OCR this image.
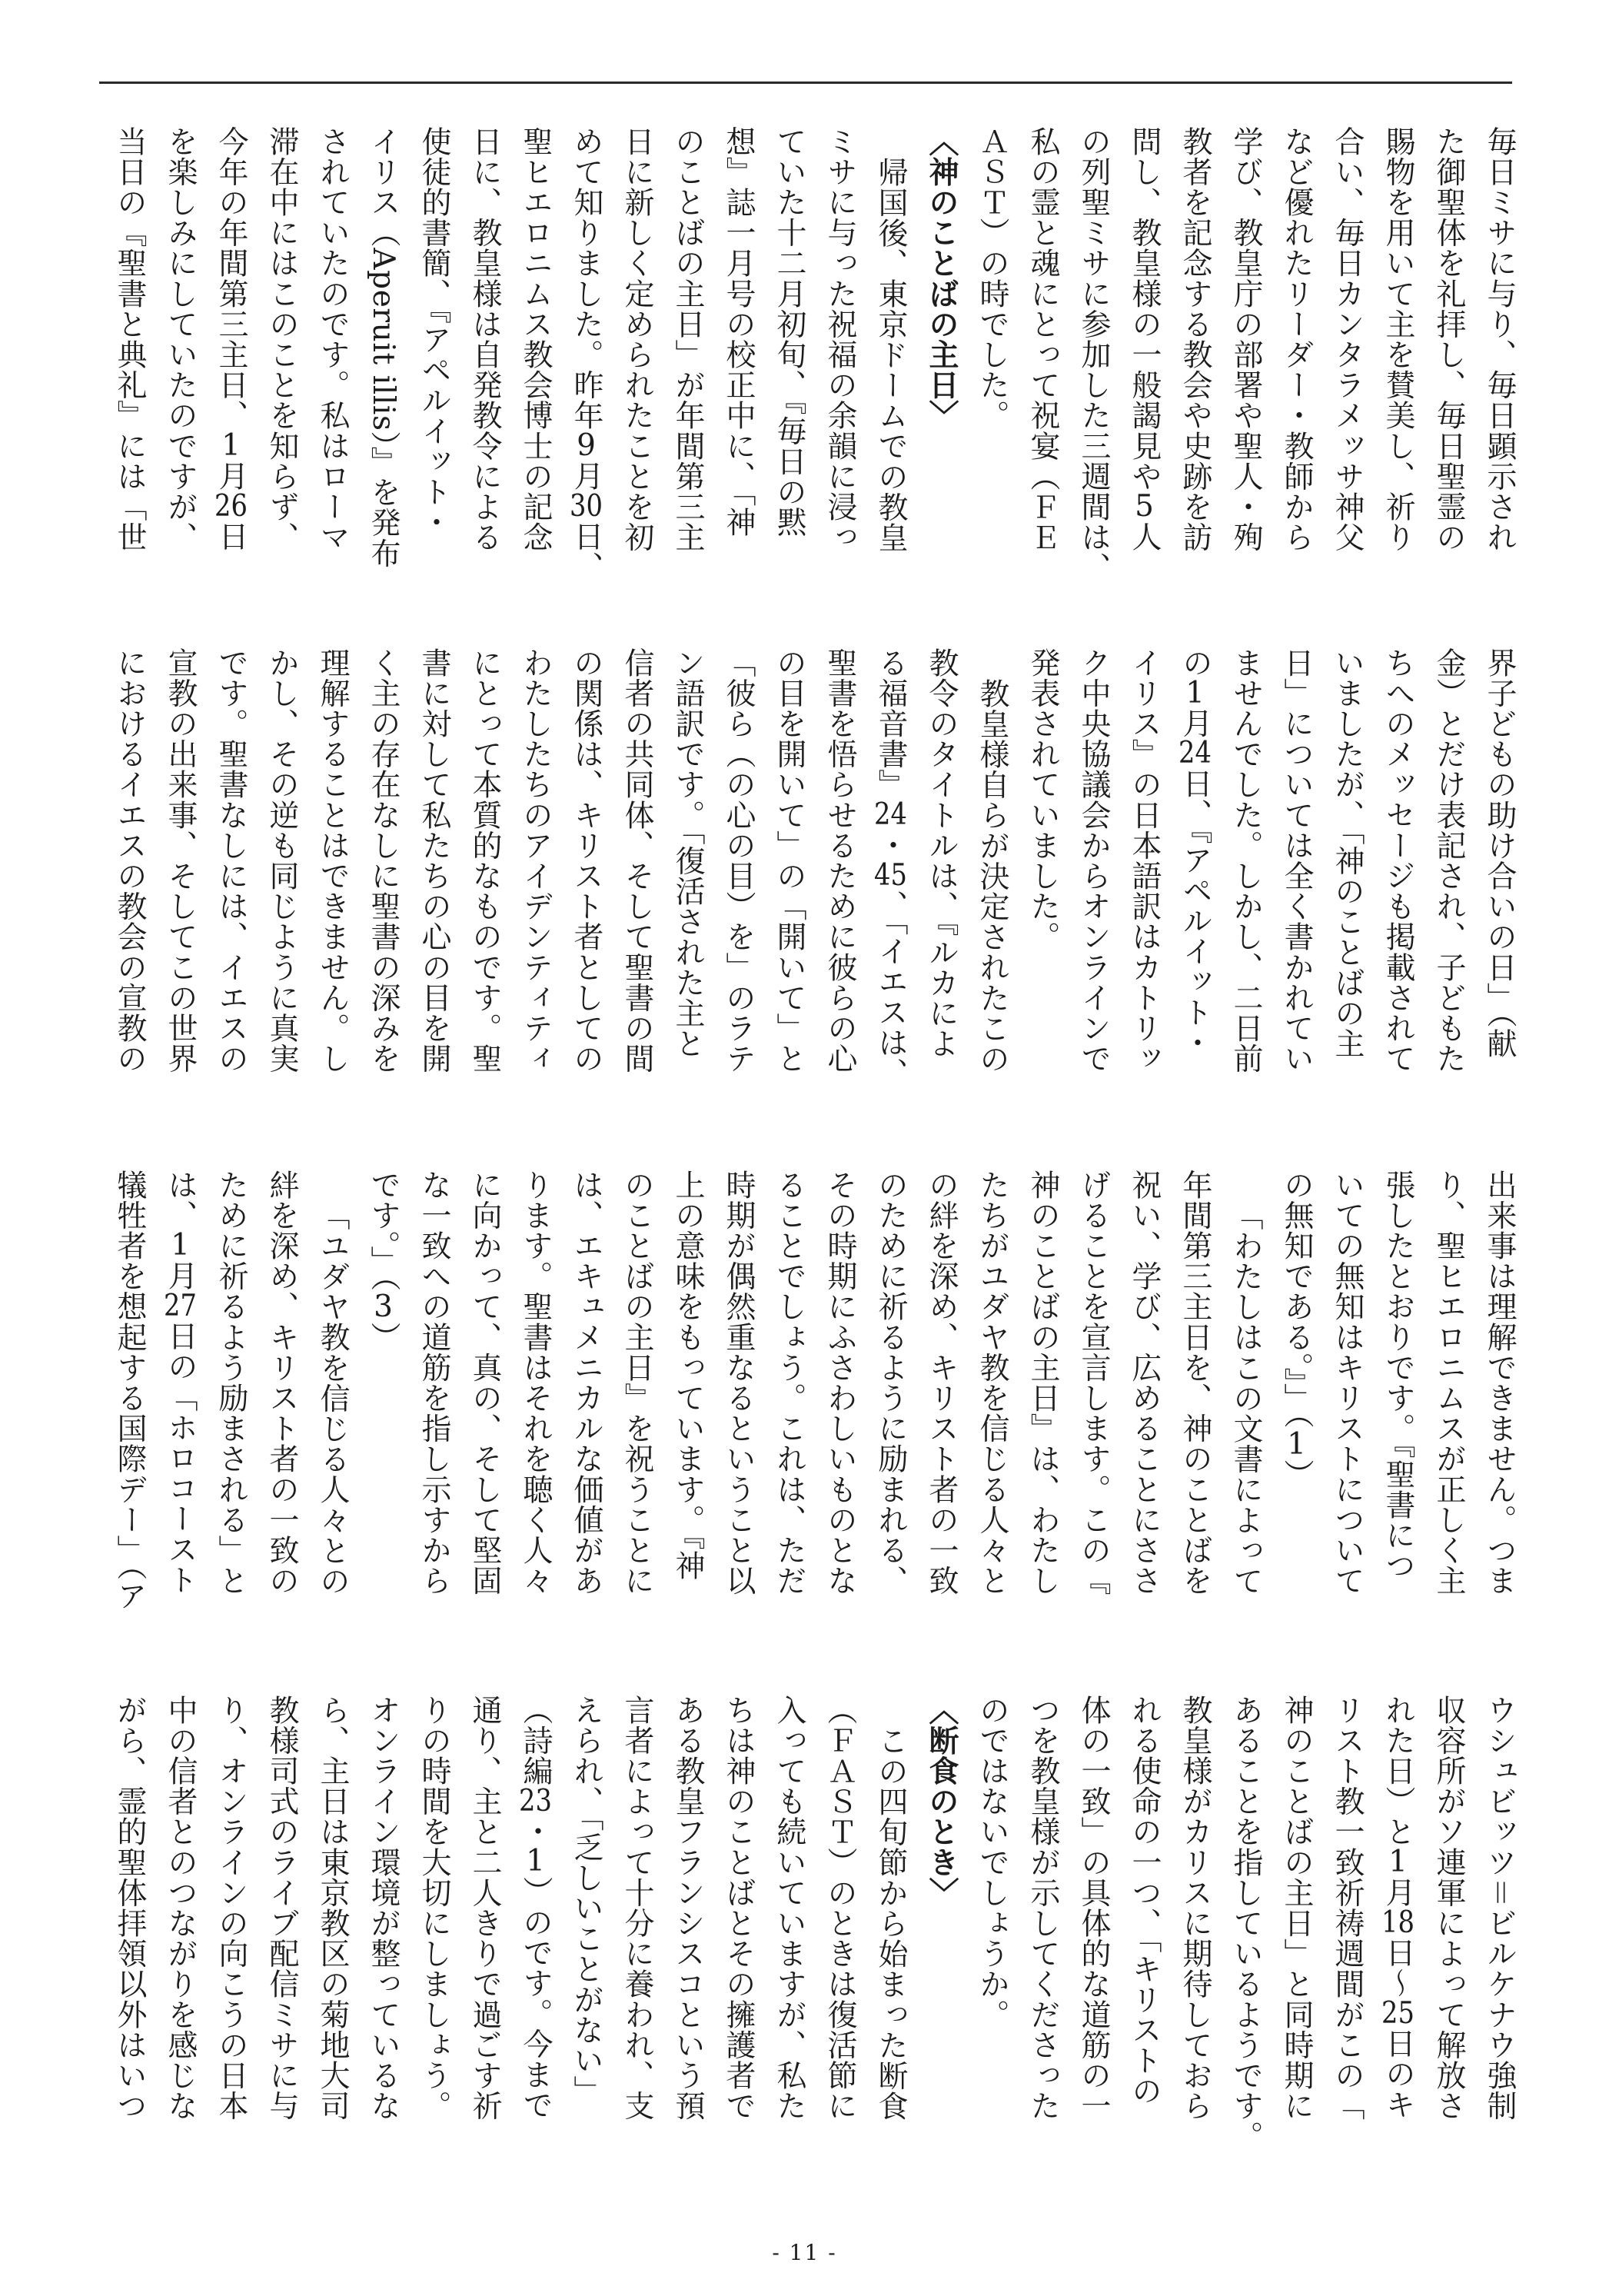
毎日ミサに与り、毎日顕示され
た御聖体を礼拝し、毎日聖霊の
賜物を用いて主を賛美し、祈り
合い、毎日カンタラメッサ神父
など優れたリーダー・教師から
学び、教皇庁の部署や聖人・殉
教者を記念する教会や史跡を訪
問し、教皇様の一般謁見や5人
の列聖ミサに参加した三週間は、
私の霊と魂にとって祝宴（ＦＥ
ＡＳＴ）の時でした。
〈神のことばの主日〉
帰国後、東京ドームでの教皇
ミサに与った祝福の余韻に浸っ
ていた十二月初旬、『毎日の黙
想』誌一月号の校正中に、「神
のことばの主日」が年間第三主
日に新しく定められたことを初
めて知りました。昨年9月30日、
聖ヒエロニムス教会博士の記念
日に、教皇様は自発教令による
使徒的書簡、『アペルイット・
イリス（Aperuit illis）』を発布
されていたのです。私はローマ
滞在中にはこのことを知らず、
今年の年間第三主日、1月26日
を楽しみにしていたのですが、
当日の『聖書と典礼』には「世
界子どもの助け合いの日」（献
金）とだけ表記され、子どもた
ちへのメッセージも掲載されて
いましたが、「神のことばの主
日」については全く書かれてい
ませんでした。しかし、二日前
の1月24日、『アペルイット・
イリス』の日本語訳はカトリッ
ク中央協議会からオンラインで
発表されていました。
教皇様自らが決定されたこの
教令のタイトルは、『ルカによ
る福音書』24・45、「イエスは、
聖書を悟らせるために彼らの心
の目を開いて」の「開いて」と
「彼ら（の心の目）を」のラテ
ン語訳です。「復活された主と
信者の共同体、そして聖書の間
の関係は、キリスト者としての
わたしたちのアイデンティティ
にとって本質的なものです。聖
書に対して私たちの心の目を開
く主の存在なしに聖書の深みを
理解することはできません。し
かし、その逆も同じように真実
です。聖書なしには、イエスの
宣教の出来事、そしてこの世界
におけるイエスの教会の宣教の
出来事は理解できません。つま
り、聖ヒエロニムスが正しく主
張したとおりです。『聖書につ
いての無知はキリストについて
の無知である。』」（1）
「わたしはこの文書によって
年間第三主日を、神のことばを
祝い、学び、広めることにささ
げることを宣言します。この『
神のことばの主日』は、わたし
たちがユダヤ教を信じる人々と
の絆を深め、キリスト者の一致
のために祈るように励まれる、
その時期にふさわしいものとな
ることでしょう。これは、ただ
時期が偶然重なるということ以
上の意味をもっています。『神
のことばの主日』を祝うことに
は、エキュメニカルな価値があ
ります。聖書はそれを聴く人々
に向かって、真の、そして堅固
な一致への道筋を指し示すから
です。」（3）
「ユダヤ教を信じる人々との
絆を深め、キリスト者の一致の
ために祈るよう励まされる」と
は、1月27日の「ホロコースト
犠牲者を想起する国際デー」（ア
ウシュビッツ＝ビルケナウ強制
収容所がソ連軍によって解放さ
れた日）と1月18日～25日のキ
リスト教一致祈祷週間がこの「
神のことばの主日」と同時期に
あることを指しているようです。
教皇様がカリスに期待しておら
れる使命の一つ、「キリストの
体の一致」の具体的な道筋の一
つを教皇様が示してくださった
のではないでしょうか。
〈断食のとき〉
この四旬節から始まった断食
（ＦＡＳＴ）のときは復活節に
入っても続いていますが、私た
ちは神のことばとその擁護者で
ある教皇フランシスコという預
言者によって十分に養われ、支
えられ、「乏しいことがない」
（詩編23・1）のです。今まで
通り、主と二人きりで過ごす祈
りの時間を大切にしましょう。
オンライン環境が整っているな
ら、主日は東京教区の菊地大司
教様司式のライブ配信ミサに与
り、オンラインの向こうの日本
中の信者とのつながりを感じな
がら、霊的聖体拝領以外はいつ
- 11 -
